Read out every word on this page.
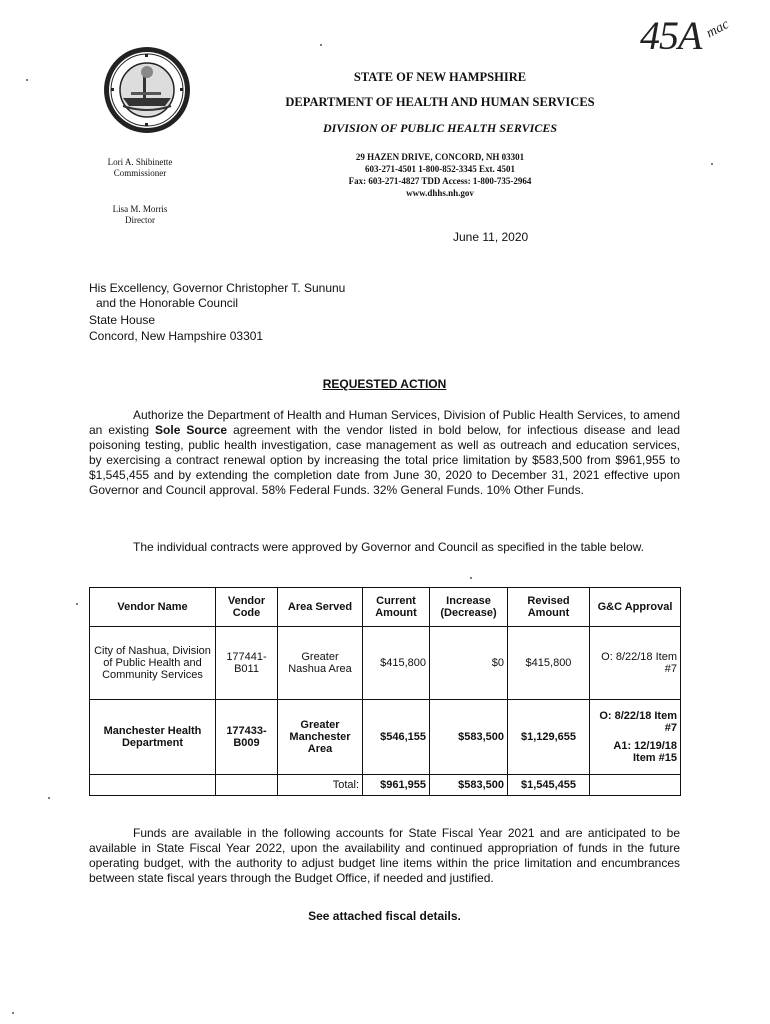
45A mac
STATE OF NEW HAMPSHIRE
DEPARTMENT OF HEALTH AND HUMAN SERVICES
DIVISION OF PUBLIC HEALTH SERVICES
29 HAZEN DRIVE, CONCORD, NH 03301
603-271-4501 1-800-852-3345 Ext. 4501
Fax: 603-271-4827 TDD Access: 1-800-735-2964
www.dhhs.nh.gov
Lori A. Shibinette
Commissioner
Lisa M. Morris
Director
June 11, 2020
His Excellency, Governor Christopher T. Sununu
and the Honorable Council
State House
Concord, New Hampshire 03301
REQUESTED ACTION
Authorize the Department of Health and Human Services, Division of Public Health Services, to amend an existing Sole Source agreement with the vendor listed in bold below, for infectious disease and lead poisoning testing, public health investigation, case management as well as outreach and education services, by exercising a contract renewal option by increasing the total price limitation by $583,500 from $961,955 to $1,545,455 and by extending the completion date from June 30, 2020 to December 31, 2021 effective upon Governor and Council approval. 58% Federal Funds. 32% General Funds. 10% Other Funds.
The individual contracts were approved by Governor and Council as specified in the table below.
Vendor Name	Vendor Code	Area Served	Current Amount	Increase (Decrease)	Revised Amount	G&C Approval
City of Nashua, Division of Public Health and Community Services	177441-B011	Greater Nashua Area	$415,800	$0	$415,800	O: 8/22/18 Item #7

Manchester Health Department	177433-B009	Greater Manchester Area	$546,155	$583,500	$1,129,655	O: 8/22/18 Item #7
A1: 12/19/18 Item #15

		Total:	$961,955	$583,500	$1,545,455	
Funds are available in the following accounts for State Fiscal Year 2021 and are anticipated to be available in State Fiscal Year 2022, upon the availability and continued appropriation of funds in the future operating budget, with the authority to adjust budget line items within the price limitation and encumbrances between state fiscal years through the Budget Office, if needed and justified.
See attached fiscal details.
